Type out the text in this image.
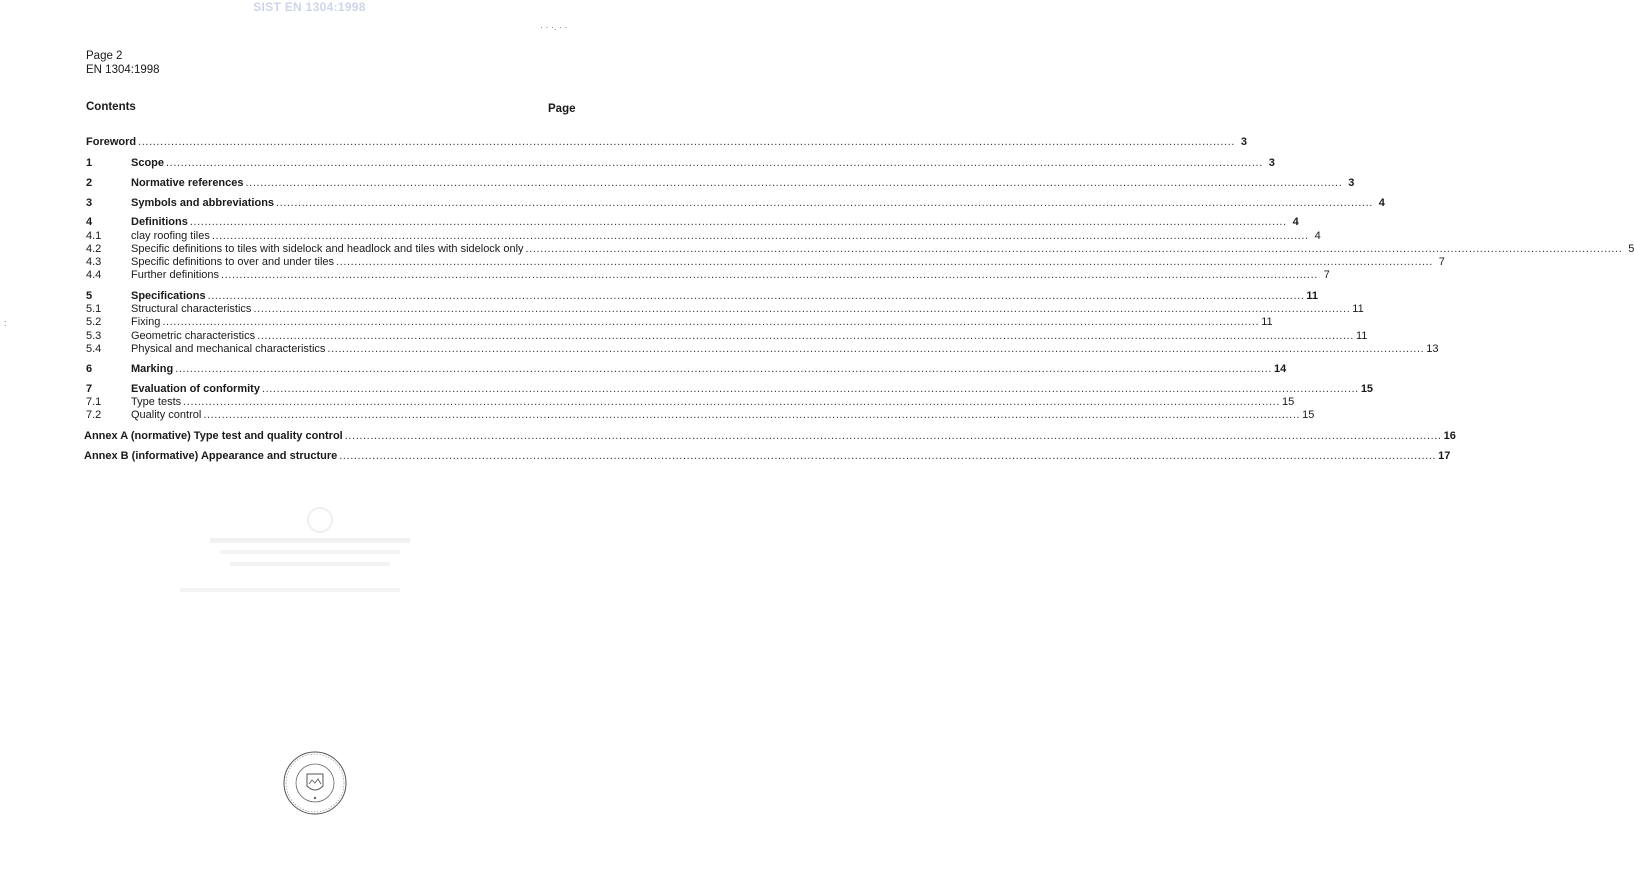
SIST EN 1304:1998
Page 2
EN 1304:1998
Contents	Page
Foreword ............................................................................................................................................................................................................................................................................................................ 3
1	Scope ............................................................................................................................................................................................................................................................................................................ 3
2	Normative references ............................................................................................................................................................................................................................................................................................................ 3
3	Symbols and abbreviations ............................................................................................................................................................................................................................................................................................................ 4
4	Definitions ............................................................................................................................................................................................................................................................................................................ 4
4.1	clay roofing tiles ............................................................................................................................................................................................................................................................................................................ 4
4.2	Specific definitions to tiles with sidelock and headlock and tiles with sidelock only ............................................................................................................................................................................................................................................................................................................ 5
4.3	Specific definitions to over and under tiles ............................................................................................................................................................................................................................................................................................................ 7
4.4	Further definitions ............................................................................................................................................................................................................................................................................................................ 7
5	Specifications ............................................................................................................................................................................................................................................................................................................ 11
5.1	Structural characteristics ............................................................................................................................................................................................................................................................................................................ 11
5.2	Fixing ............................................................................................................................................................................................................................................................................................................ 11
5.3	Geometric characteristics ............................................................................................................................................................................................................................................................................................................ 11
5.4	Physical and mechanical characteristics ............................................................................................................................................................................................................................................................................................................ 13
6	Marking ............................................................................................................................................................................................................................................................................................................ 14
7	Evaluation of conformity ............................................................................................................................................................................................................................................................................................................ 15
7.1	Type tests ............................................................................................................................................................................................................................................................................................................ 15
7.2	Quality control ............................................................................................................................................................................................................................................................................................................ 15
Annex A (normative) Type test and quality control ............................................................................................................................................................................................................................................................................................................ 16
Annex B (informative) Appearance and structure ............................................................................................................................................................................................................................................................................................................ 17
· · ·. · ·
:
